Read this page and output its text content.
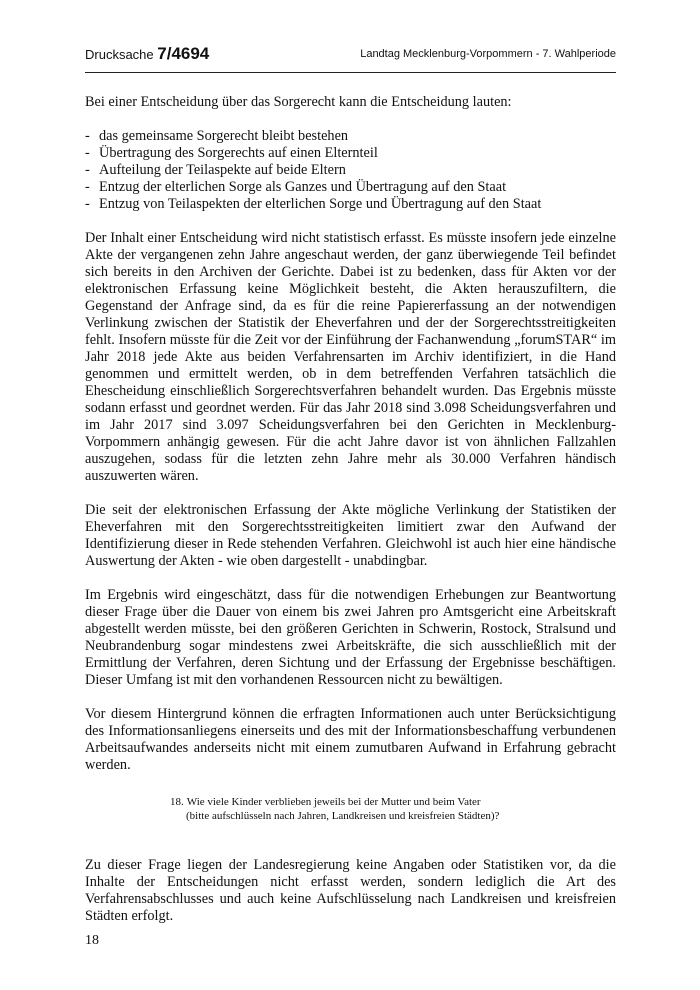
Drucksache 7/4694	Landtag Mecklenburg-Vorpommern - 7. Wahlperiode

Bei einer Entscheidung über das Sorgerecht kann die Entscheidung lauten:

- das gemeinsame Sorgerecht bleibt bestehen
- Übertragung des Sorgerechts auf einen Elternteil
- Aufteilung der Teilaspekte auf beide Eltern
- Entzug der elterlichen Sorge als Ganzes und Übertragung auf den Staat
- Entzug von Teilaspekten der elterlichen Sorge und Übertragung auf den Staat

Der Inhalt einer Entscheidung wird nicht statistisch erfasst. Es müsste insofern jede einzelne Akte der vergangenen zehn Jahre angeschaut werden, der ganz überwiegende Teil befindet sich bereits in den Archiven der Gerichte. Dabei ist zu bedenken, dass für Akten vor der elektronischen Erfassung keine Möglichkeit besteht, die Akten herauszufiltern, die Gegenstand der Anfrage sind, da es für die reine Papiererfassung an der notwendigen Verlinkung zwischen der Statistik der Eheverfahren und der der Sorgerechtsstreitigkeiten fehlt. Insofern müsste für die Zeit vor der Einführung der Fachanwendung „forumSTAR“ im Jahr 2018 jede Akte aus beiden Verfahrensarten im Archiv identifiziert, in die Hand genommen und ermittelt werden, ob in dem betreffenden Verfahren tatsächlich die Ehescheidung einschließlich Sorgerechtsverfahren behandelt wurden. Das Ergebnis müsste sodann erfasst und geordnet werden. Für das Jahr 2018 sind 3.098 Scheidungsverfahren und im Jahr 2017 sind 3.097 Scheidungsverfahren bei den Gerichten in Mecklenburg-Vorpommern anhängig gewesen. Für die acht Jahre davor ist von ähnlichen Fallzahlen auszugehen, sodass für die letzten zehn Jahre mehr als 30.000 Verfahren händisch auszuwerten wären.

Die seit der elektronischen Erfassung der Akte mögliche Verlinkung der Statistiken der Eheverfahren mit den Sorgerechtsstreitigkeiten limitiert zwar den Aufwand der Identifizierung dieser in Rede stehenden Verfahren. Gleichwohl ist auch hier eine händische Auswertung der Akten - wie oben dargestellt - unabdingbar.

Im Ergebnis wird eingeschätzt, dass für die notwendigen Erhebungen zur Beantwortung dieser Frage über die Dauer von einem bis zwei Jahren pro Amtsgericht eine Arbeitskraft abgestellt werden müsste, bei den größeren Gerichten in Schwerin, Rostock, Stralsund und Neubrandenburg sogar mindestens zwei Arbeitskräfte, die sich ausschließlich mit der Ermittlung der Verfahren, deren Sichtung und der Erfassung der Ergebnisse beschäftigen. Dieser Umfang ist mit den vorhandenen Ressourcen nicht zu bewältigen.

Vor diesem Hintergrund können die erfragten Informationen auch unter Berücksichtigung des Informationsanliegens einerseits und des mit der Informationsbeschaffung verbundenen Arbeitsaufwandes anderseits nicht mit einem zumutbaren Aufwand in Erfahrung gebracht werden.

18. Wie viele Kinder verblieben jeweils bei der Mutter und beim Vater
(bitte aufschlüsseln nach Jahren, Landkreisen und kreisfreien Städten)?
Zu dieser Frage liegen der Landesregierung keine Angaben oder Statistiken vor, da die Inhalte der Entscheidungen nicht erfasst werden, sondern lediglich die Art des Verfahrensabschlusses und auch keine Aufschlüsselung nach Landkreisen und kreisfreien Städten erfolgt.
18
